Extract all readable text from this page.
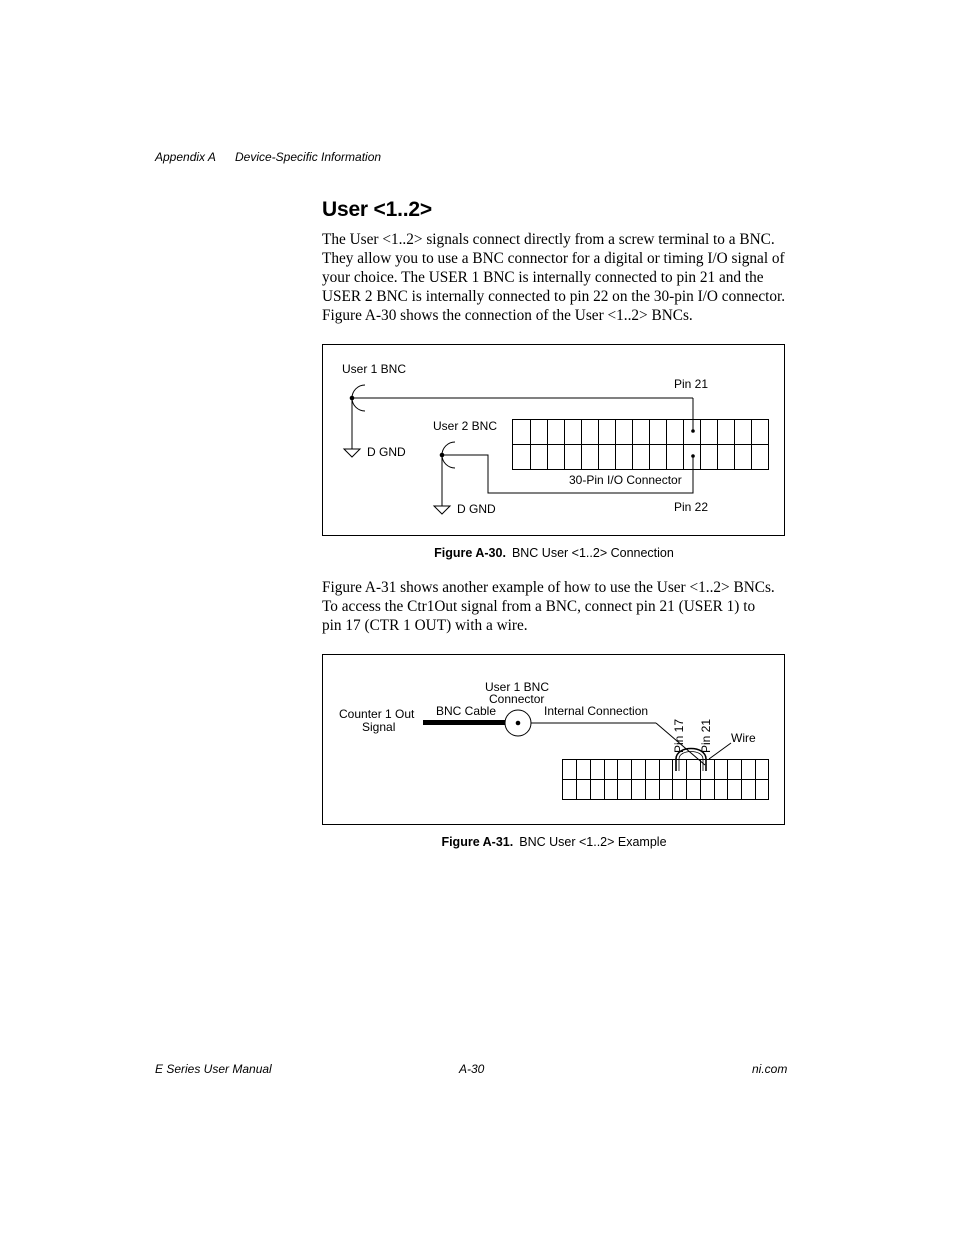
Appendix A Device-Specific Information
User <1..2>

The User <1..2> signals connect directly from a screw terminal to a BNC.
They allow you to use a BNC connector for a digital or timing I/O signal of
your choice. The USER 1 BNC is internally connected to pin 21 and the
USER 2 BNC is internally connected to pin 22 on the 30-pin I/O connector.
Figure A-30 shows the connection of the User <1..2> BNCs.

User 1 BNC
User 2 BNC
D GND
D GND
Pin 21
Pin 22
30-Pin I/O Connector
Figure A-30. BNC User <1..2> Connection

Figure A-31 shows another example of how to use the User <1..2> BNCs.
To access the Ctr1Out signal from a BNC, connect pin 21 (USER 1) to
pin 17 (CTR 1 OUT) with a wire.

Counter 1 Out
Signal
BNC Cable
User 1 BNC
Connector
Internal Connection
Pin 17 Pin 21 Wire
Figure A-31. BNC User <1..2> Example
E Series User Manual	A-30	ni.com
